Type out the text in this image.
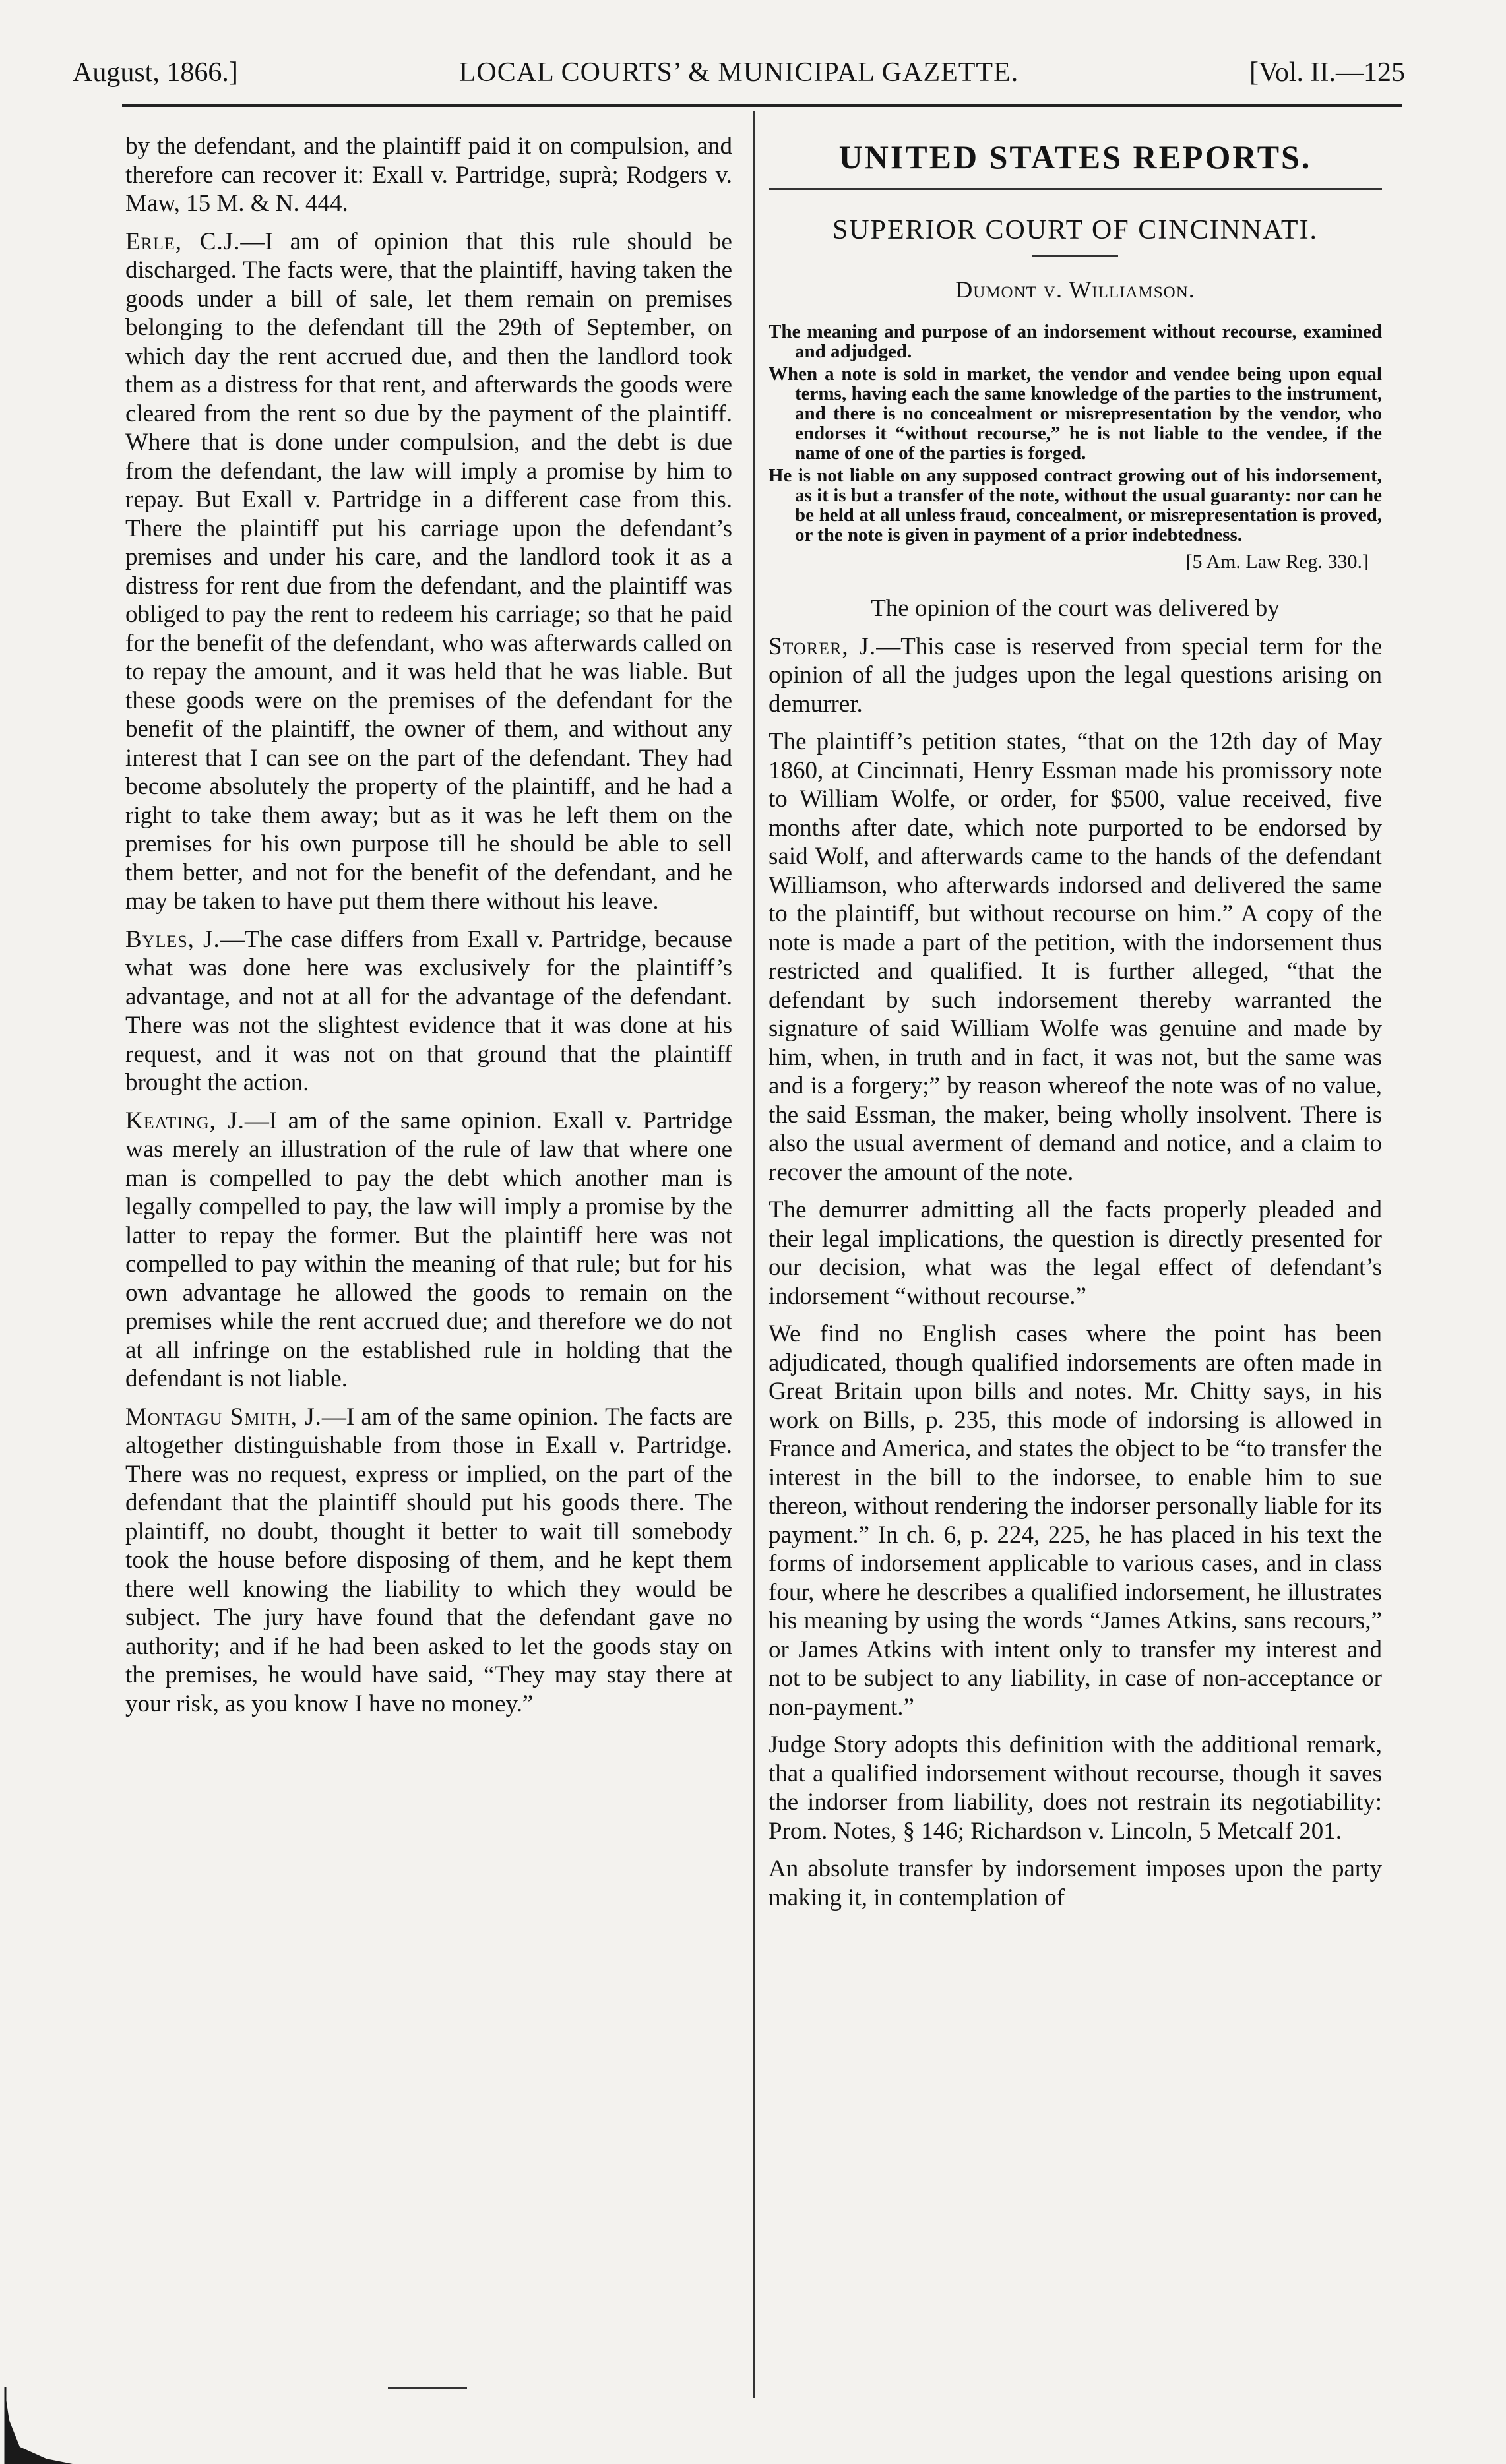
August, 1866.]	LOCAL COURTS’ & MUNICIPAL GAZETTE.	[Vol. II.—125

by the defendant, and the plaintiff paid it on compulsion, and therefore can recover it: Exall v. Partridge, suprà; Rodgers v. Maw, 15 M. & N. 444.

Erle, C.J.—I am of opinion that this rule should be discharged. The facts were, that the plaintiff, having taken the goods under a bill of sale, let them remain on premises belonging to the defendant till the 29th of September, on which day the rent accrued due, and then the landlord took them as a distress for that rent, and afterwards the goods were cleared from the rent so due by the payment of the plaintiff. Where that is done under compulsion, and the debt is due from the defendant, the law will imply a promise by him to repay. But Exall v. Partridge in a different case from this. There the plaintiff put his carriage upon the defendant’s premises and under his care, and the landlord took it as a distress for rent due from the defendant, and the plaintiff was obliged to pay the rent to redeem his carriage; so that he paid for the benefit of the defendant, who was afterwards called on to repay the amount, and it was held that he was liable. But these goods were on the premises of the defendant for the benefit of the plaintiff, the owner of them, and without any interest that I can see on the part of the defendant. They had become absolutely the property of the plaintiff, and he had a right to take them away; but as it was he left them on the premises for his own purpose till he should be able to sell them better, and not for the benefit of the defendant, and he may be taken to have put them there without his leave.

Byles, J.—The case differs from Exall v. Partridge, because what was done here was exclusively for the plaintiff’s advantage, and not at all for the advantage of the defendant. There was not the slightest evidence that it was done at his request, and it was not on that ground that the plaintiff brought the action.

Keating, J.—I am of the same opinion. Exall v. Partridge was merely an illustration of the rule of law that where one man is compelled to pay the debt which another man is legally compelled to pay, the law will imply a promise by the latter to repay the former. But the plaintiff here was not compelled to pay within the meaning of that rule; but for his own advantage he allowed the goods to remain on the premises while the rent accrued due; and therefore we do not at all infringe on the established rule in holding that the defendant is not liable.

Montagu Smith, J.—I am of the same opinion. The facts are altogether distinguishable from those in Exall v. Partridge. There was no request, express or implied, on the part of the defendant that the plaintiff should put his goods there. The plaintiff, no doubt, thought it better to wait till somebody took the house before disposing of them, and he kept them there well knowing the liability to which they would be subject. The jury have found that the defendant gave no authority; and if he had been asked to let the goods stay on the premises, he would have said, “They may stay there at your risk, as you know I have no money.”

UNITED STATES REPORTS.
SUPERIOR COURT OF CINCINNATI.
Dumont v. Williamson.

The meaning and purpose of an indorsement without recourse, examined and adjudged.

When a note is sold in market, the vendor and vendee being upon equal terms, having each the same knowledge of the parties to the instrument, and there is no concealment or misrepresentation by the vendor, who endorses it “without recourse,” he is not liable to the vendee, if the name of one of the parties is forged.

He is not liable on any supposed contract growing out of his indorsement, as it is but a transfer of the note, without the usual guaranty: nor can he be held at all unless fraud, concealment, or misrepresentation is proved, or the note is given in payment of a prior indebtedness.

[5 Am. Law Reg. 330.]

The opinion of the court was delivered by

Storer, J.—This case is reserved from special term for the opinion of all the judges upon the legal questions arising on demurrer.

The plaintiff’s petition states, “that on the 12th day of May 1860, at Cincinnati, Henry Essman made his promissory note to William Wolfe, or order, for $500, value received, five months after date, which note purported to be endorsed by said Wolf, and afterwards came to the hands of the defendant Williamson, who afterwards indorsed and delivered the same to the plaintiff, but without recourse on him.” A copy of the note is made a part of the petition, with the indorsement thus restricted and qualified. It is further alleged, “that the defendant by such indorsement thereby warranted the signature of said William Wolfe was genuine and made by him, when, in truth and in fact, it was not, but the same was and is a forgery;” by reason whereof the note was of no value, the said Essman, the maker, being wholly insolvent. There is also the usual averment of demand and notice, and a claim to recover the amount of the note.

The demurrer admitting all the facts properly pleaded and their legal implications, the question is directly presented for our decision, what was the legal effect of defendant’s indorsement “without recourse.”

We find no English cases where the point has been adjudicated, though qualified indorsements are often made in Great Britain upon bills and notes. Mr. Chitty says, in his work on Bills, p. 235, this mode of indorsing is allowed in France and America, and states the object to be “to transfer the interest in the bill to the indorsee, to enable him to sue thereon, without rendering the indorser personally liable for its payment.” In ch. 6, p. 224, 225, he has placed in his text the forms of indorsement applicable to various cases, and in class four, where he describes a qualified indorsement, he illustrates his meaning by using the words “James Atkins, sans recours,” or James Atkins with intent only to transfer my interest and not to be subject to any liability, in case of non-acceptance or non-payment.”

Judge Story adopts this definition with the additional remark, that a qualified indorsement without recourse, though it saves the indorser from liability, does not restrain its negotiability: Prom. Notes, § 146; Richardson v. Lincoln, 5 Metcalf 201.

An absolute transfer by indorsement imposes upon the party making it, in contemplation of
